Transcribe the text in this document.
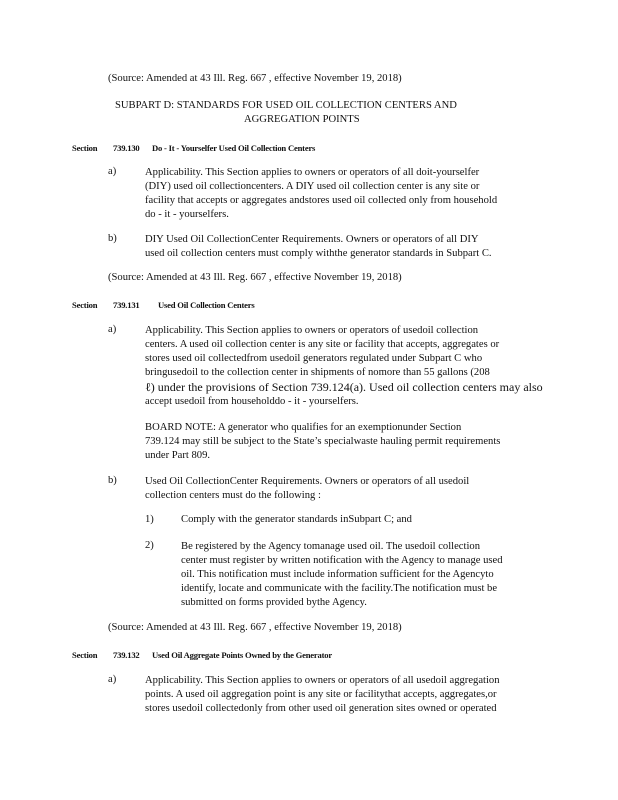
(Source: Amended at 43 Ill. Reg. 667 , effective November 19, 2018)
SUBPART D: STANDARDS FOR USED OIL COLLECTION CENTERS AND
AGGREGATION POINTS
Section 739.130 Do - It - Yourselfer Used Oil Collection Centers
a)	Applicability. This Section applies to owners or operators of all doit-yourselfer
(DIY) used oil collectioncenters. A DIY used oil collection center is any site or
facility that accepts or aggregates andstores used oil collected only from household
do - it - yourselfers.
b)	DIY Used Oil CollectionCenter Requirements. Owners or operators of all DIY
used oil collection centers must comply withthe generator standards in Subpart C.
(Source: Amended at 43 Ill. Reg. 667 , effective November 19, 2018)
Section 739.131 Used Oil Collection Centers
a)	Applicability. This Section applies to owners or operators of usedoil collection
centers. A used oil collection center is any site or facility that accepts, aggregates or
stores used oil collectedfrom usedoil generators regulated under Subpart C who
bringusedoil to the collection center in shipments of nomore than 55 gallons (208
ℓ) under the provisions of Section 739.124(a). Used oil collection centers may also
accept usedoil from householddo - it - yourselfers.
BOARD NOTE: A generator who qualifies for an exemptionunder Section
739.124 may still be subject to the State’s specialwaste hauling permit requirements
under Part 809.
b)	Used Oil CollectionCenter Requirements. Owners or operators of all usedoil
collection centers must do the following :
1)	Comply with the generator standards inSubpart C; and
2)	Be registered by the Agency tomanage used oil. The usedoil collection
center must register by written notification with the Agency to manage used
oil. This notification must include information sufficient for the Agencyto
identify, locate and communicate with the facility.The notification must be
submitted on forms provided bythe Agency.
(Source: Amended at 43 Ill. Reg. 667 , effective November 19, 2018)
Section 739.132 Used Oil Aggregate Points Owned by the Generator
a)	Applicability. This Section applies to owners or operators of all usedoil aggregation
points. A used oil aggregation point is any site or facilitythat accepts, aggregates,or
stores usedoil collectedonly from other used oil generation sites owned or operated
